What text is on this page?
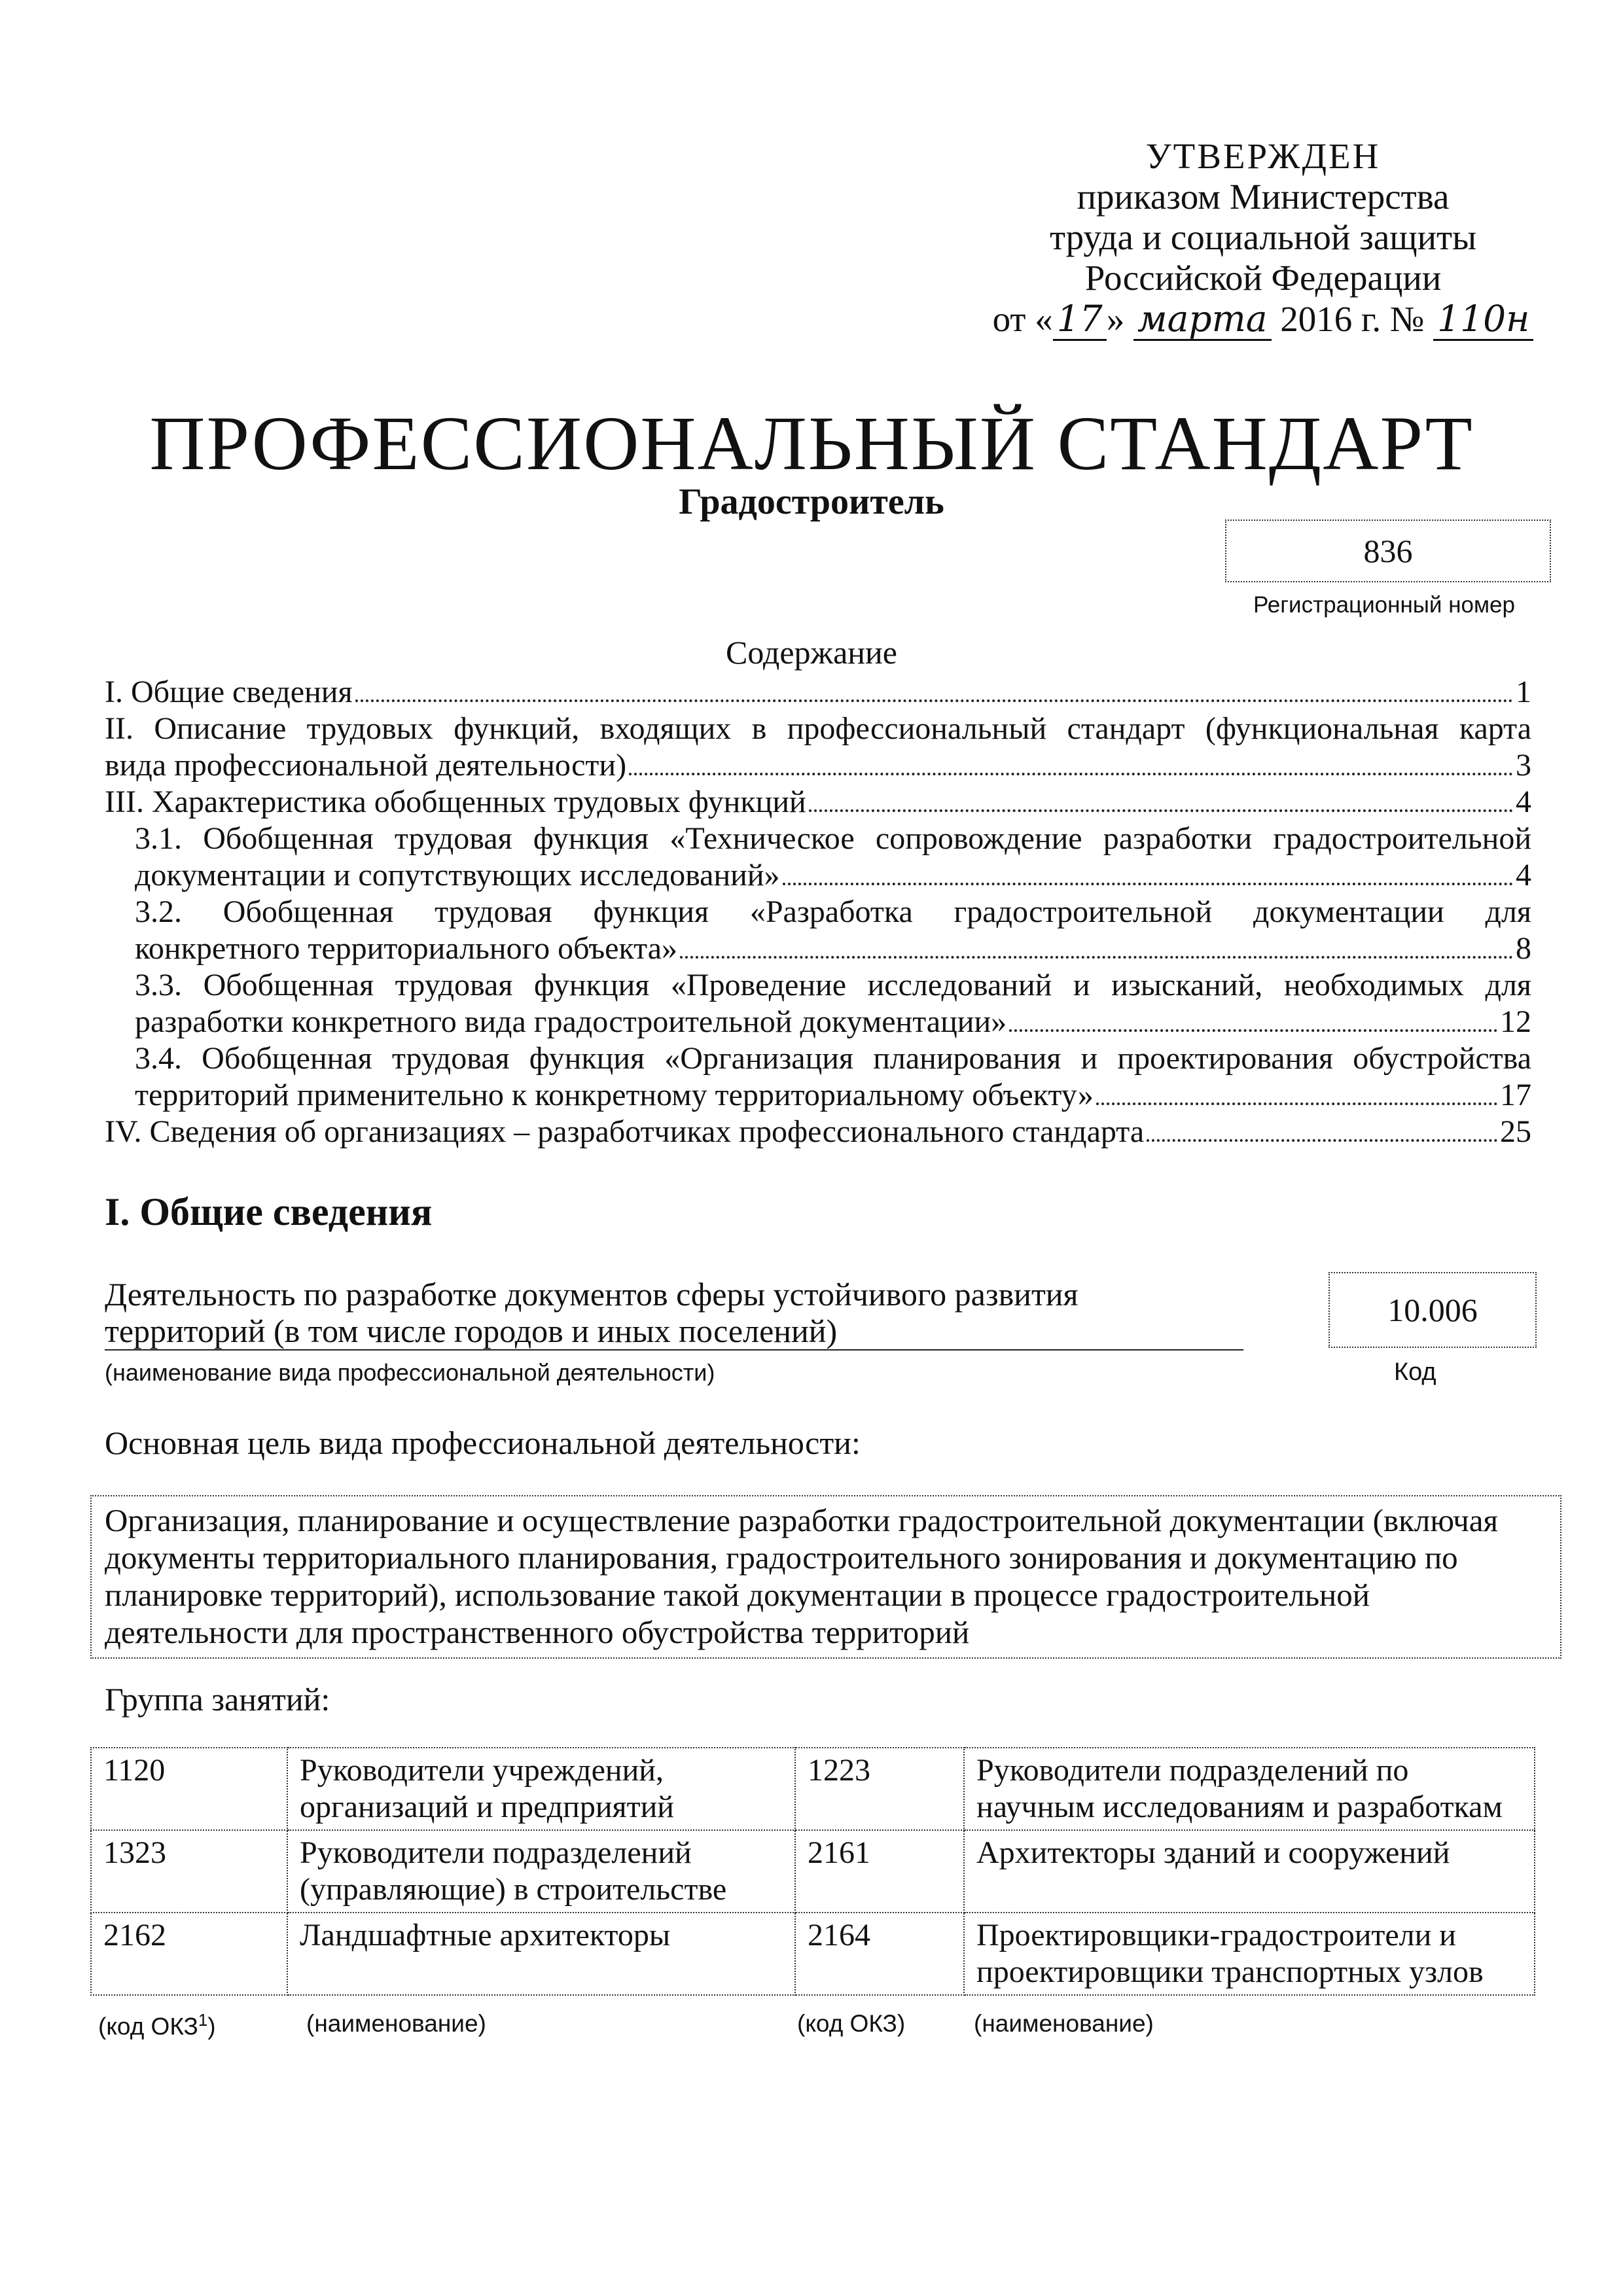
УТВЕРЖДЕН
приказом Министерства
труда и социальной защиты
Российской Федерации
от « 17 » марта 2016 г. № 110н
ПРОФЕССИОНАЛЬНЫЙ СТАНДАРТ
Градостроитель
836
Регистрационный номер
Содержание
I. Общие сведения	1
II. Описание трудовых функций, входящих в профессиональный стандарт (функциональная карта
вида профессиональной деятельности)	3
III. Характеристика обобщенных трудовых функций	4
3.1. Обобщенная трудовая функция «Техническое сопровождение разработки градостроительной
документации и сопутствующих исследований»	4
3.2. Обобщенная трудовая функция «Разработка градостроительной документации для
конкретного территориального объекта»	8
3.3. Обобщенная трудовая функция «Проведение исследований и изысканий, необходимых для
разработки конкретного вида градостроительной документации»	12
3.4. Обобщенная трудовая функция «Организация планирования и проектирования обустройства
территорий применительно к конкретному территориальному объекту»	17
IV. Сведения об организациях – разработчиках профессионального стандарта	25
I. Общие сведения
Деятельность по разработке документов сферы устойчивого развития
территорий (в том числе городов и иных поселений)
(наименование вида профессиональной деятельности)
10.006
Код
Основная цель вида профессиональной деятельности:
Организация, планирование и осуществление разработки градостроительной документации (включая документы территориального планирования, градостроительного зонирования и документацию по планировке территорий), использование такой документации в процессе градостроительной деятельности для пространственного обустройства территорий
Группа занятий:
1120	Руководители учреждений, организаций и предприятий	1223	Руководители подразделений по научным исследованиям и разработкам
1323	Руководители подразделений (управляющие) в строительстве	2161	Архитекторы зданий и сооружений
2162	Ландшафтные архитекторы	2164	Проектировщики-градостроители и проектировщики транспортных узлов
(код ОКЗ$^1$)	(наименование)	(код ОКЗ)	(наименование)
